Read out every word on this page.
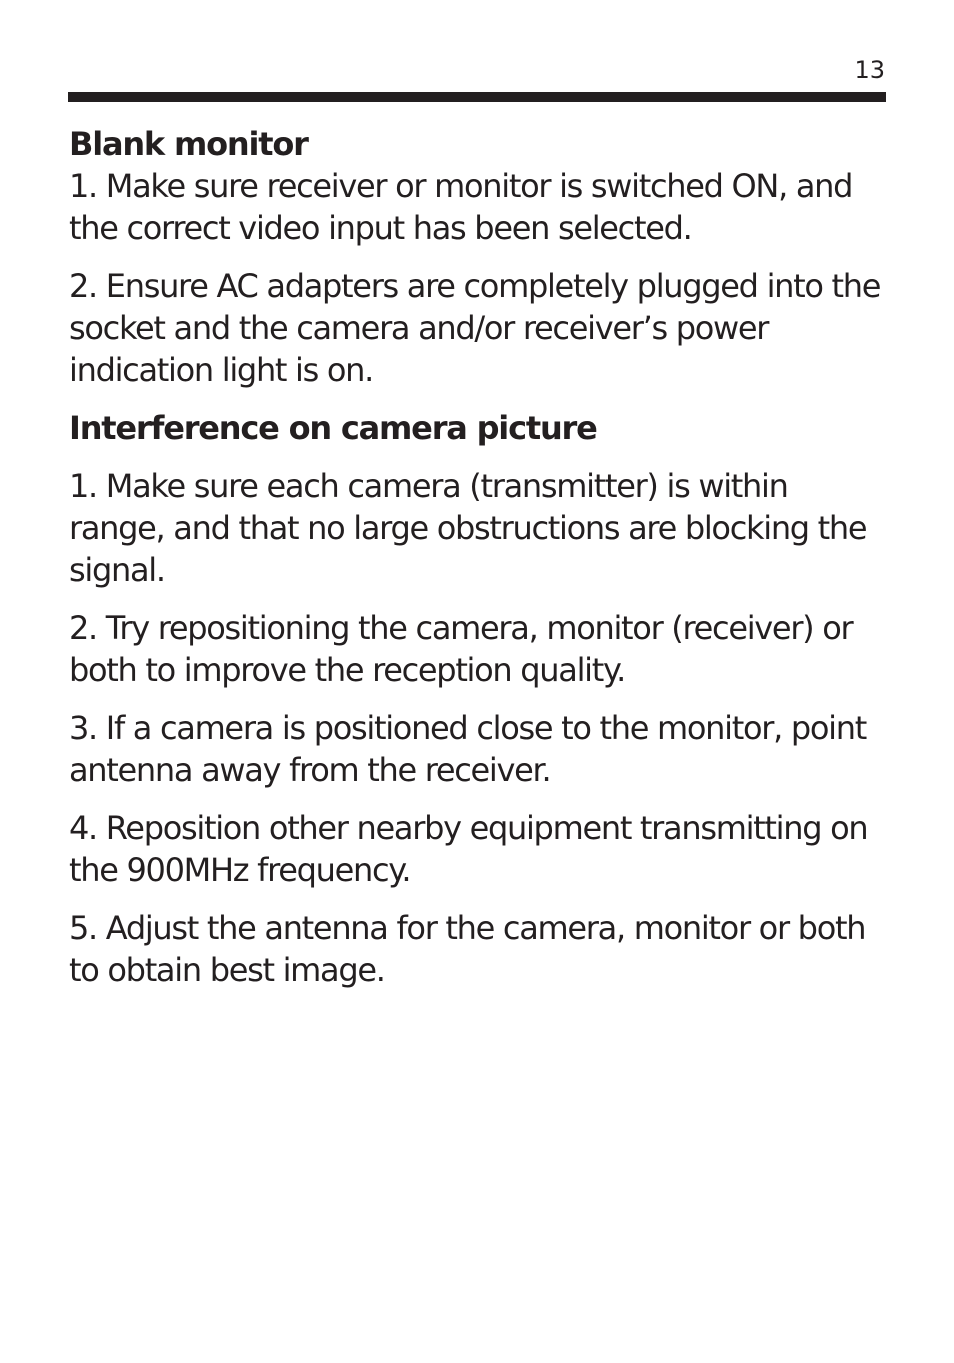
13
Blank monitor

1. Make sure receiver or monitor is switched ON, and the correct video input has been selected.

2. Ensure AC adapters are completely plugged into the socket and the camera and/or receiver’s power indication light is on.

Interference on camera picture

1. Make sure each camera (transmitter) is within range, and that no large obstructions are blocking the signal.

2. Try repositioning the camera, monitor (receiver) or both to improve the reception quality.

3. If a camera is positioned close to the monitor, point antenna away from the receiver.

4. Reposition other nearby equipment transmitting on the 900MHz frequency.

5. Adjust the antenna for the camera, monitor or both to obtain best image.
